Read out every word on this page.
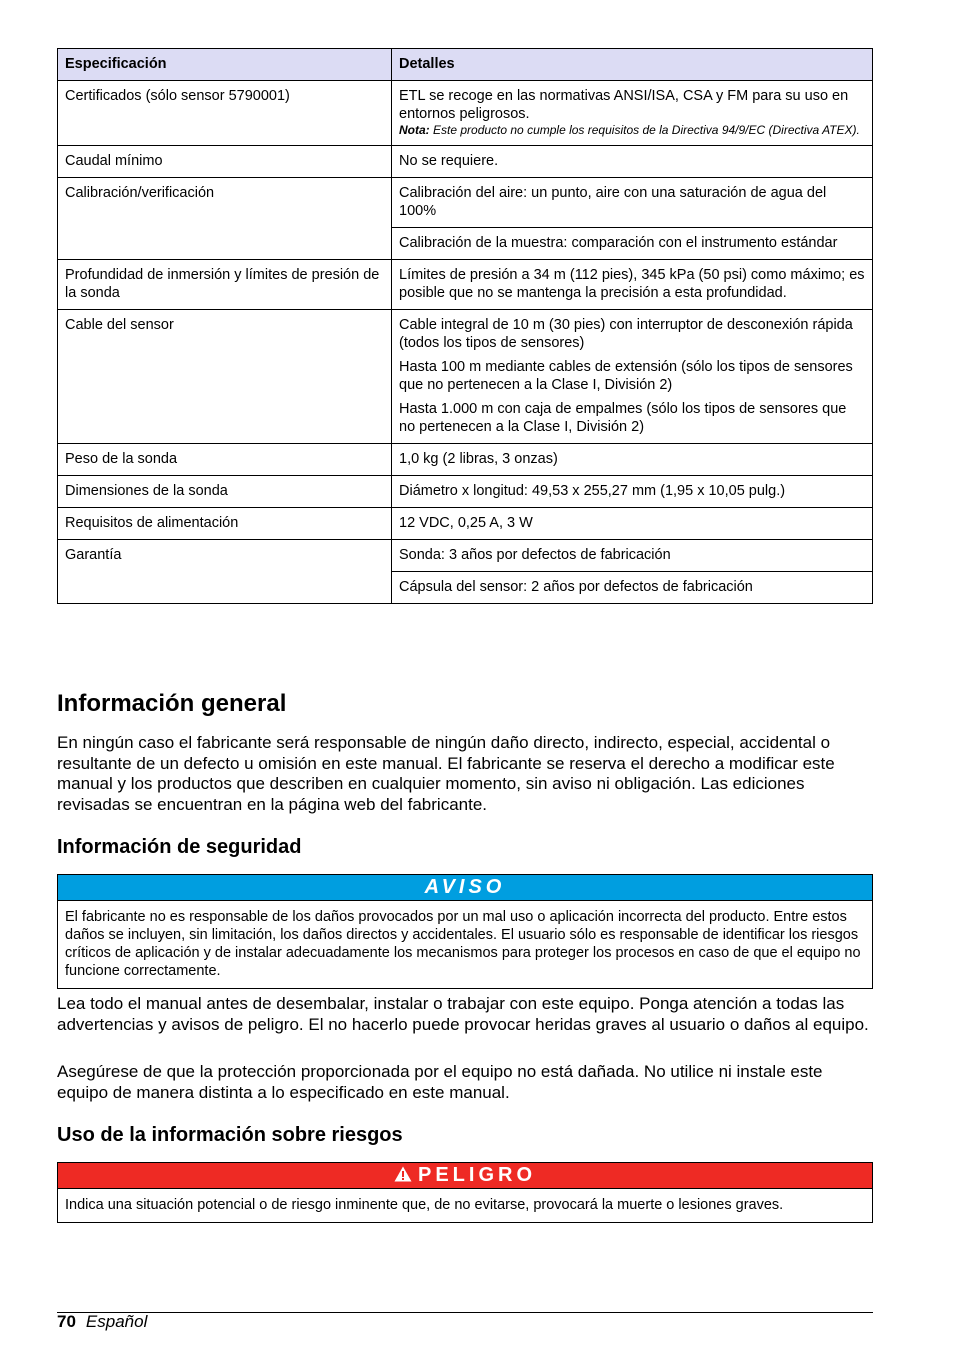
Especificación	Detalles
Certificados (sólo sensor 5790001)	ETL se recoge en las normativas ANSI/ISA, CSA y FM para su uso en entornos peligrosos.
Nota: Este producto no cumple los requisitos de la Directiva 94/9/EC (Directiva ATEX).

Caudal mínimo	No se requiere.
Calibración/verificación	Calibración del aire: un punto, aire con una saturación de agua del 100%
	Calibración de la muestra: comparación con el instrumento estándar
Profundidad de inmersión y límites de presión de la sonda	Límites de presión a 34 m (112 pies), 345 kPa (50 psi) como máximo; es posible que no se mantenga la precisión a esta profundidad.
Cable del sensor	Cable integral de 10 m (30 pies) con interruptor de desconexión rápida (todos los tipos de sensores)
Hasta 100 m mediante cables de extensión (sólo los tipos de sensores que no pertenecen a la Clase I, División 2)
Hasta 1.000 m con caja de empalmes (sólo los tipos de sensores que no pertenecen a la Clase I, División 2)

Peso de la sonda	1,0 kg (2 libras, 3 onzas)
Dimensiones de la sonda	Diámetro x longitud: 49,53 x 255,27 mm (1,95 x 10,05 pulg.)
Requisitos de alimentación	12 VDC, 0,25 A, 3 W
Garantía	Sonda: 3 años por defectos de fabricación
	Cápsula del sensor: 2 años por defectos de fabricación
Información general

En ningún caso el fabricante será responsable de ningún daño directo, indirecto, especial, accidental o resultante de un defecto u omisión en este manual. El fabricante se reserva el derecho a modificar este manual y los productos que describen en cualquier momento, sin aviso ni obligación. Las ediciones revisadas se encuentran en la página web del fabricante.

Información de seguridad
AVISO
El fabricante no es responsable de los daños provocados por un mal uso o aplicación incorrecta del producto. Entre estos daños se incluyen, sin limitación, los daños directos y accidentales. El usuario sólo es responsable de identificar los riesgos críticos de aplicación y de instalar adecuadamente los mecanismos para proteger los procesos en caso de que el equipo no funcione correctamente.

Lea todo el manual antes de desembalar, instalar o trabajar con este equipo. Ponga atención a todas las advertencias y avisos de peligro. El no hacerlo puede provocar heridas graves al usuario o daños al equipo.

Asegúrese de que la protección proporcionada por el equipo no está dañada. No utilice ni instale este equipo de manera distinta a lo especificado en este manual.

Uso de la información sobre riesgos
PELIGRO
Indica una situación potencial o de riesgo inminente que, de no evitarse, provocará la muerte o lesiones graves.
70 Español
